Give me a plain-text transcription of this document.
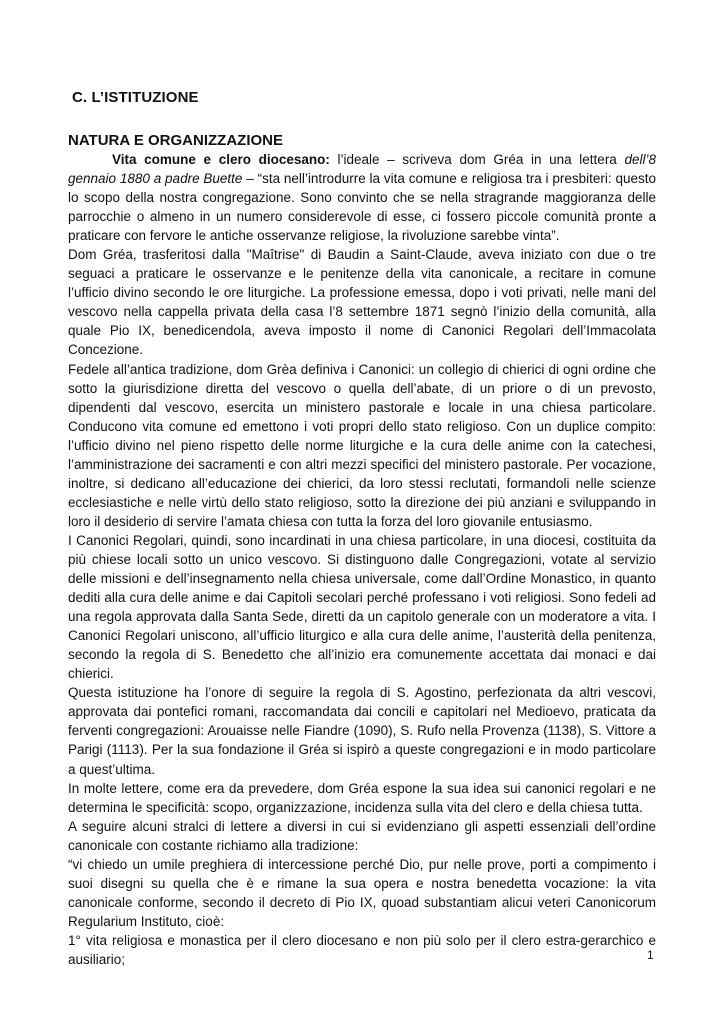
C. L’ISTITUZIONE
NATURA E ORGANIZZAZIONE

Vita comune e clero diocesano: l’ideale – scriveva dom Gréa in una lettera dell’8 gennaio 1880 a padre Buette – “sta nell’introdurre la vita comune e religiosa tra i presbiteri: questo lo scopo della nostra congregazione. Sono convinto che se nella stragrande maggioranza delle parrocchie o almeno in un numero considerevole di esse, ci fossero piccole comunità pronte a praticare con fervore le antiche osservanze religiose, la rivoluzione sarebbe vinta”.

Dom Gréa, trasferitosi dalla "Maîtrise" di Baudin a Saint-Claude, aveva iniziato con due o tre seguaci a praticare le osservanze e le penitenze della vita canonicale, a recitare in comune l’ufficio divino secondo le ore liturgiche. La professione emessa, dopo i voti privati, nelle mani del vescovo nella cappella privata della casa l’8 settembre 1871 segnò l’inizio della comunità, alla quale Pio IX, benedicendola, aveva imposto il nome di Canonici Regolari dell’Immacolata Concezione.

Fedele all’antica tradizione, dom Grèa definiva i Canonici: un collegio di chierici di ogni ordine che sotto la giurisdizione diretta del vescovo o quella dell’abate, di un priore o di un prevosto, dipendenti dal vescovo, esercita un ministero pastorale e locale in una chiesa particolare. Conducono vita comune ed emettono i voti propri dello stato religioso. Con un duplice compito: l’ufficio divino nel pieno rispetto delle norme liturgiche e la cura delle anime con la catechesi, l’amministrazione dei sacramenti e con altri mezzi specifici del ministero pastorale. Per vocazione, inoltre, si dedicano all’educazione dei chierici, da loro stessi reclutati, formandoli nelle scienze ecclesiastiche e nelle virtù dello stato religioso, sotto la direzione dei più anziani e sviluppando in loro il desiderio di servire l’amata chiesa con tutta la forza del loro giovanile entusiasmo.

I Canonici Regolari, quindi, sono incardinati in una chiesa particolare, in una diocesi, costituita da più chiese locali sotto un unico vescovo. Si distinguono dalle Congregazioni, votate al servizio delle missioni e dell’insegnamento nella chiesa universale, come dall’Ordine Monastico, in quanto dediti alla cura delle anime e dai Capitoli secolari perché professano i voti religiosi. Sono fedeli ad una regola approvata dalla Santa Sede, diretti da un capitolo generale con un moderatore a vita. I Canonici Regolari uniscono, all’ufficio liturgico e alla cura delle anime, l’austerità della penitenza, secondo la regola di S. Benedetto che all’inizio era comunemente accettata dai monaci e dai chierici.

Questa istituzione ha l’onore di seguire la regola di S. Agostino, perfezionata da altri vescovi, approvata dai pontefici romani, raccomandata dai concili e capitolari nel Medioevo, praticata da ferventi congregazioni: Arouaisse nelle Fiandre (1090), S. Rufo nella Provenza (1138), S. Vittore a Parigi (1113). Per la sua fondazione il Gréa si ispirò a queste congregazioni e in modo particolare a quest’ultima.

In molte lettere, come era da prevedere, dom Gréa espone la sua idea sui canonici regolari e ne determina le specificità: scopo, organizzazione, incidenza sulla vita del clero e della chiesa tutta.

A seguire alcuni stralci di lettere a diversi in cui si evidenziano gli aspetti essenziali dell’ordine canonicale con costante richiamo alla tradizione:

“vi chiedo un umile preghiera di intercessione perché Dio, pur nelle prove, porti a compimento i suoi disegni su quella che è e rimane la sua opera e nostra benedetta vocazione: la vita canonicale conforme, secondo il decreto di Pio IX, quoad substantiam alicui veteri Canonicorum Regularium Instituto, cioè:

1° vita religiosa e monastica per il clero diocesano e non più solo per il clero estra-gerarchico e ausiliario;	1
